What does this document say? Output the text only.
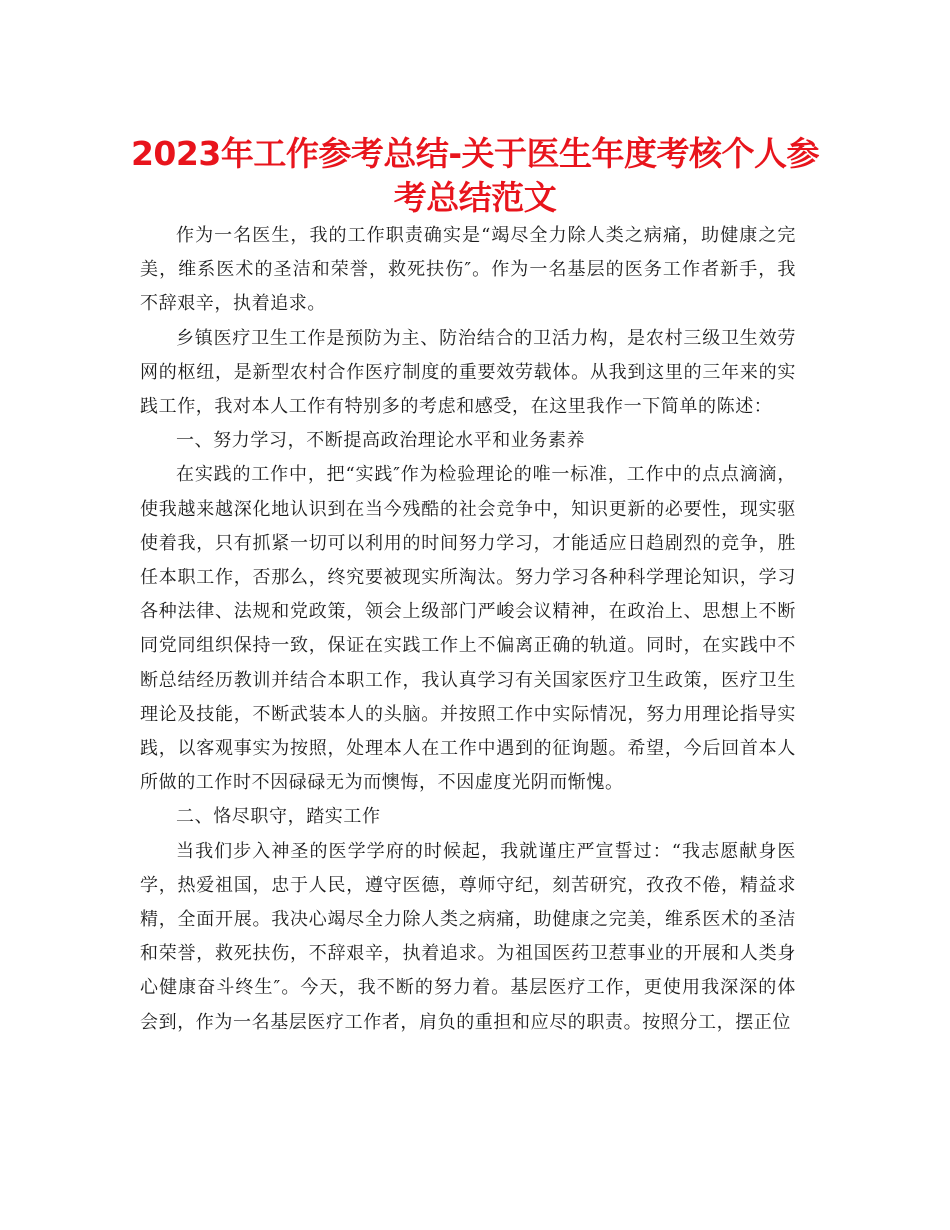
2023年工作参考总结-关于医生年度考核个人参考总结范文

作为一名医生，我的工作职责确实是“竭尽全力除人类之病痛，助健康之完美，维系医术的圣洁和荣誉，救死扶伤″。作为一名基层的医务工作者新手，我不辞艰辛，执着追求。

乡镇医疗卫生工作是预防为主、防治结合的卫活力构，是农村三级卫生效劳网的枢纽，是新型农村合作医疗制度的重要效劳载体。从我到这里的三年来的实践工作，我对本人工作有特别多的考虑和感受，在这里我作一下简单的陈述：

一、努力学习，不断提高政治理论水平和业务素养

在实践的工作中，把“实践″作为检验理论的唯一标准，工作中的点点滴滴，使我越来越深化地认识到在当今残酷的社会竞争中，知识更新的必要性，现实驱使着我，只有抓紧一切可以利用的时间努力学习，才能适应日趋剧烈的竞争，胜任本职工作，否那么，终究要被现实所淘汰。努力学习各种科学理论知识，学习各种法律、法规和党政策，领会上级部门严峻会议精神，在政治上、思想上不断同党同组织保持一致，保证在实践工作上不偏离正确的轨道。同时，在实践中不断总结经历教训并结合本职工作，我认真学习有关国家医疗卫生政策，医疗卫生理论及技能，不断武装本人的头脑。并按照工作中实际情况，努力用理论指导实践，以客观事实为按照，处理本人在工作中遇到的征询题。希望，今后回首本人所做的工作时不因碌碌无为而懊悔，不因虚度光阴而惭愧。

二、恪尽职守，踏实工作

当我们步入神圣的医学学府的时候起，我就谨庄严宣誓过：“我志愿献身医学，热爱祖国，忠于人民，遵守医德，尊师守纪，刻苦研究，孜孜不倦，精益求精，全面开展。我决心竭尽全力除人类之病痛，助健康之完美，维系医术的圣洁和荣誉，救死扶伤，不辞艰辛，执着追求。为祖国医药卫惹事业的开展和人类身心健康奋斗终生″。今天，我不断的努力着。基层医疗工作，更使用我深深的体会到，作为一名基层医疗工作者，肩负的重担和应尽的职责。按照分工，摆正位
